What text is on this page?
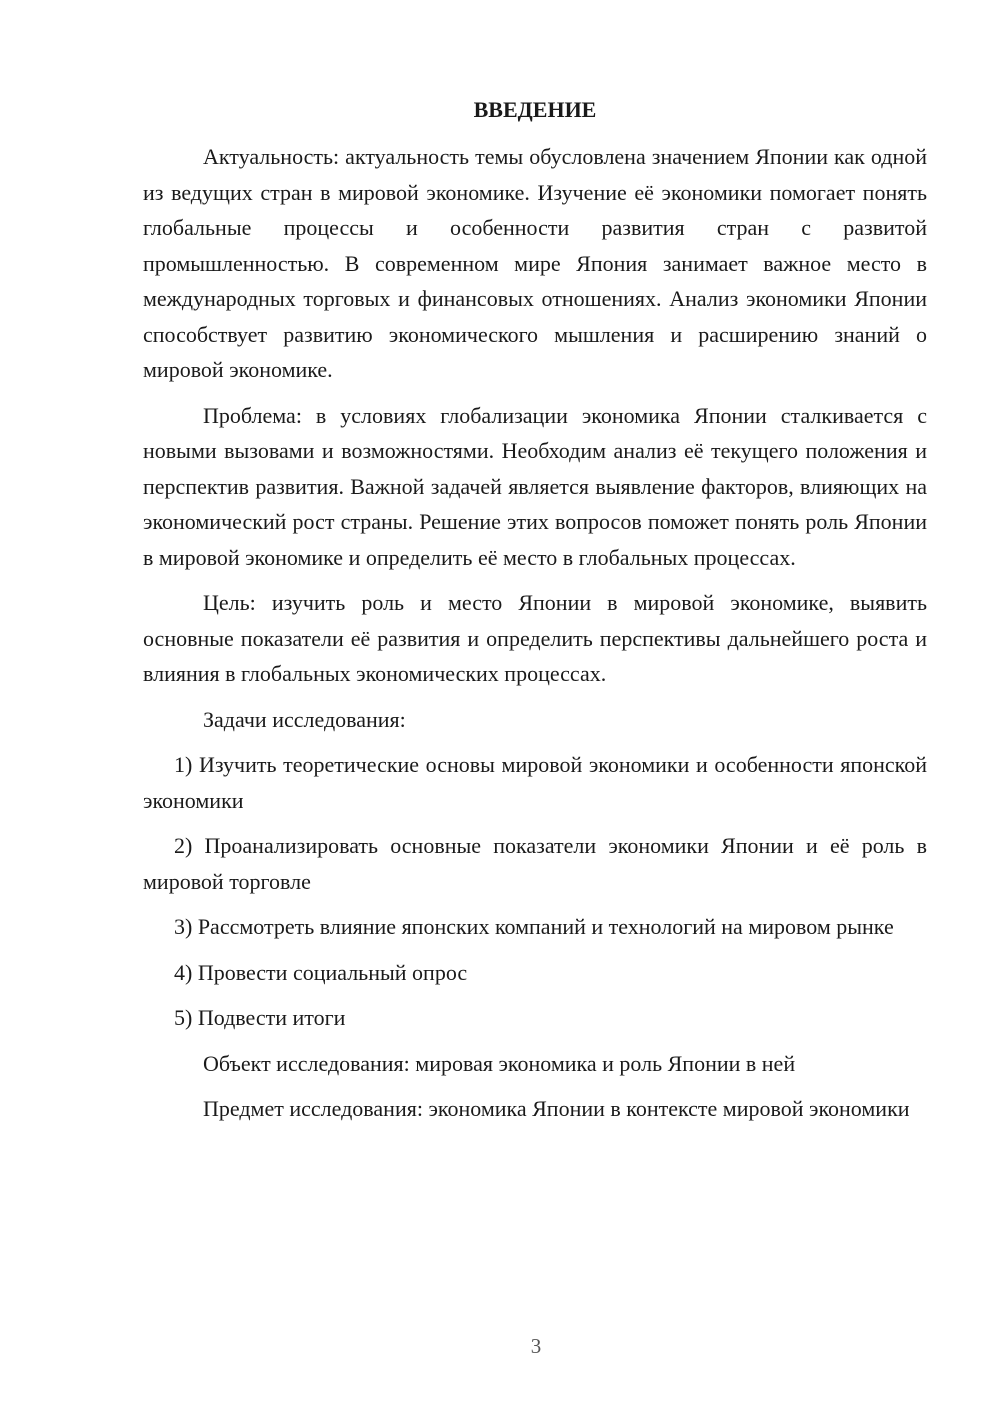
ВВЕДЕНИЕ

Актуальность: актуальность темы обусловлена значением Японии как одной из ведущих стран в мировой экономике. Изучение её экономики помогает понять глобальные процессы и особенности развития стран с развитой промышленностью. В современном мире Япония занимает важное место в международных торговых и финансовых отношениях. Анализ экономики Японии способствует развитию экономического мышления и расширению знаний о мировой экономике.

Проблема: в условиях глобализации экономика Японии сталкивается с новыми вызовами и возможностями. Необходим анализ её текущего положения и перспектив развития. Важной задачей является выявление факторов, влияющих на экономический рост страны. Решение этих вопросов поможет понять роль Японии в мировой экономике и определить её место в глобальных процессах.

Цель: изучить роль и место Японии в мировой экономике, выявить основные показатели её развития и определить перспективы дальнейшего роста и влияния в глобальных экономических процессах.

Задачи исследования:

1) Изучить теоретические основы мировой экономики и особенности японской экономики

2) Проанализировать основные показатели экономики Японии и её роль в мировой торговле

3) Рассмотреть влияние японских компаний и технологий на мировом рынке

4) Провести социальный опрос

5) Подвести итоги

Объект исследования: мировая экономика и роль Японии в ней

Предмет исследования: экономика Японии в контексте мировой экономики

3
